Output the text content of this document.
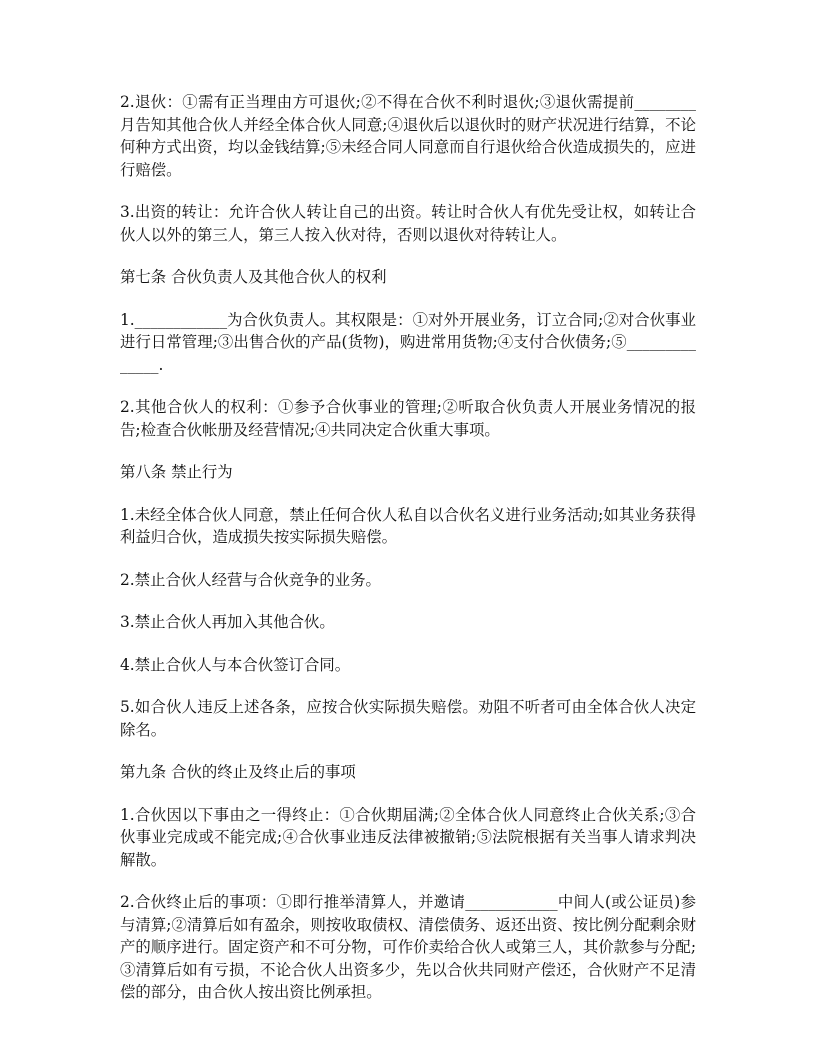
2.退伙：①需有正当理由方可退伙;②不得在合伙不利时退伙;③退伙需提前________月告知其他合伙人并经全体合伙人同意;④退伙后以退伙时的财产状况进行结算，不论何种方式出资，均以金钱结算;⑤未经合同人同意而自行退伙给合伙造成损失的，应进行赔偿。

3.出资的转让：允许合伙人转让自己的出资。转让时合伙人有优先受让权，如转让合伙人以外的第三人，第三人按入伙对待，否则以退伙对待转让人。

第七条 合伙负责人及其他合伙人的权利

1.____________为合伙负责人。其权限是：①对外开展业务，订立合同;②对合伙事业进行日常管理;③出售合伙的产品(货物)，购进常用货物;④支付合伙债务;⑤______________.

2.其他合伙人的权利：①参予合伙事业的管理;②听取合伙负责人开展业务情况的报告;检查合伙帐册及经营情况;④共同决定合伙重大事项。

第八条 禁止行为

1.未经全体合伙人同意，禁止任何合伙人私自以合伙名义进行业务活动;如其业务获得利益归合伙，造成损失按实际损失赔偿。

2.禁止合伙人经营与合伙竞争的业务。

3.禁止合伙人再加入其他合伙。

4.禁止合伙人与本合伙签订合同。

5.如合伙人违反上述各条，应按合伙实际损失赔偿。劝阻不听者可由全体合伙人决定除名。

第九条 合伙的终止及终止后的事项

1.合伙因以下事由之一得终止：①合伙期届满;②全体合伙人同意终止合伙关系;③合伙事业完成或不能完成;④合伙事业违反法律被撤销;⑤法院根据有关当事人请求判决解散。

2.合伙终止后的事项：①即行推举清算人，并邀请____________中间人(或公证员)参与清算;②清算后如有盈余，则按收取债权、清偿债务、返还出资、按比例分配剩余财产的顺序进行。固定资产和不可分物，可作价卖给合伙人或第三人，其价款参与分配;③清算后如有亏损，不论合伙人出资多少，先以合伙共同财产偿还，合伙财产不足清偿的部分，由合伙人按出资比例承担。
